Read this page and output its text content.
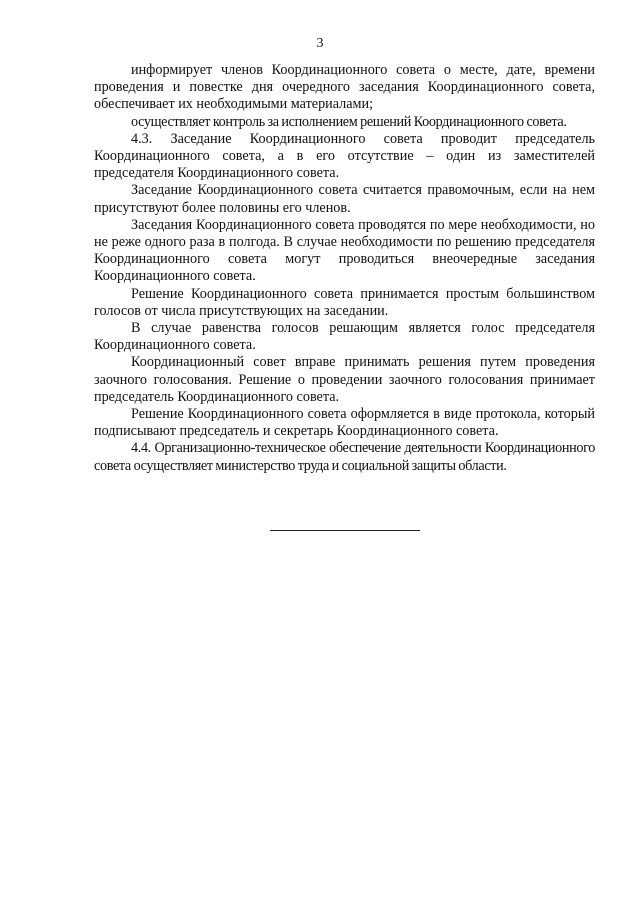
3

информирует членов Координационного совета о месте, дате, времени проведения и повестке дня очередного заседания Координационного совета, обеспечивает их необходимыми материалами;

осуществляет контроль за исполнением решений Координационного совета.

4.3. Заседание Координационного совета проводит председатель Координационного совета, а в его отсутствие – один из заместителей председателя Координационного совета.

Заседание Координационного совета считается правомочным, если на нем присутствуют более половины его членов.

Заседания Координационного совета проводятся по мере необходимости, но не реже одного раза в полгода. В случае необходимости по решению председателя Координационного совета могут проводиться внеочередные заседания Координационного совета.

Решение Координационного совета принимается простым большинством голосов от числа присутствующих на заседании.

В случае равенства голосов решающим является голос председателя Координационного совета.

Координационный совет вправе принимать решения путем проведения заочного голосования. Решение о проведении заочного голосования принимает председатель Координационного совета.

Решение Координационного совета оформляется в виде протокола, который подписывают председатель и секретарь Координационного совета.

4.4. Организационно-техническое обеспечение деятельности Координационного совета осуществляет министерство труда и социальной защиты области.
